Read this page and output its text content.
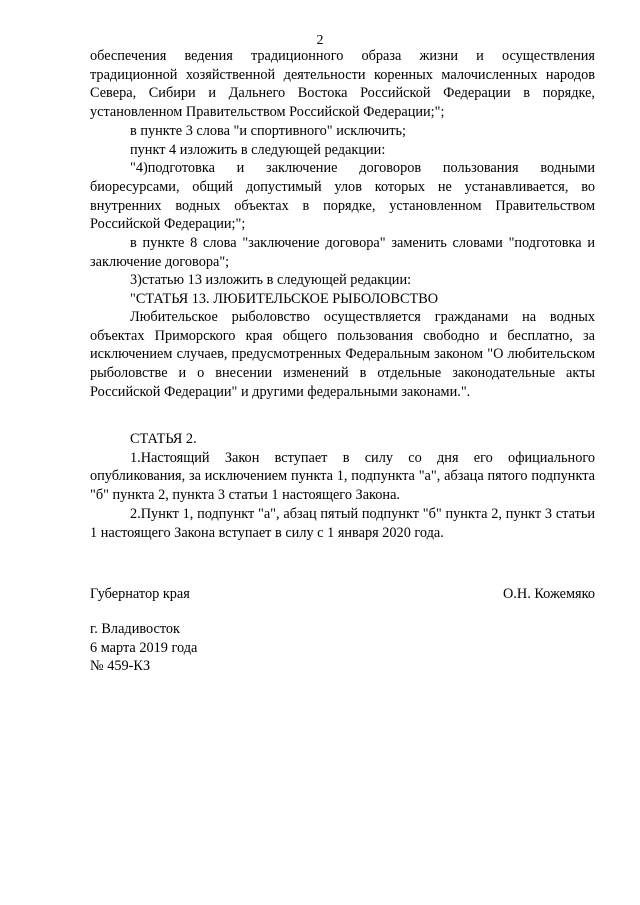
2

обеспечения ведения традиционного образа жизни и осуществления традиционной хозяйственной деятельности коренных малочисленных народов Севера, Сибири и Дальнего Востока Российской Федерации в порядке, установленном Правительством Российской Федерации;";

в пункте 3 слова "и спортивного" исключить;

пункт 4 изложить в следующей редакции:

"4)подготовка и заключение договоров пользования водными биоресурсами, общий допустимый улов которых не устанавливается, во внутренних водных объектах в порядке, установленном Правительством Российской Федерации;";

в пункте 8 слова "заключение договора" заменить словами "подготовка и заключение договора";

3)статью 13 изложить в следующей редакции:

"СТАТЬЯ 13. ЛЮБИТЕЛЬСКОЕ РЫБОЛОВСТВО

Любительское рыболовство осуществляется гражданами на водных объектах Приморского края общего пользования свободно и бесплатно, за исключением случаев, предусмотренных Федеральным законом "О любительском рыболовстве и о внесении изменений в отдельные законодательные акты Российской Федерации" и другими федеральными законами.".

СТАТЬЯ 2.

1.Настоящий Закон вступает в силу со дня его официального опубликования, за исключением пункта 1, подпункта "а", абзаца пятого подпункта "б" пункта 2, пункта 3 статьи 1 настоящего Закона.

2.Пункт 1, подпункт "а", абзац пятый подпункт "б" пункта 2, пункт 3 статьи 1 настоящего Закона вступает в силу с 1 января 2020 года.

Губернатор края	О.Н. Кожемяко
г. Владивосток
6 марта 2019 года
№ 459-КЗ
